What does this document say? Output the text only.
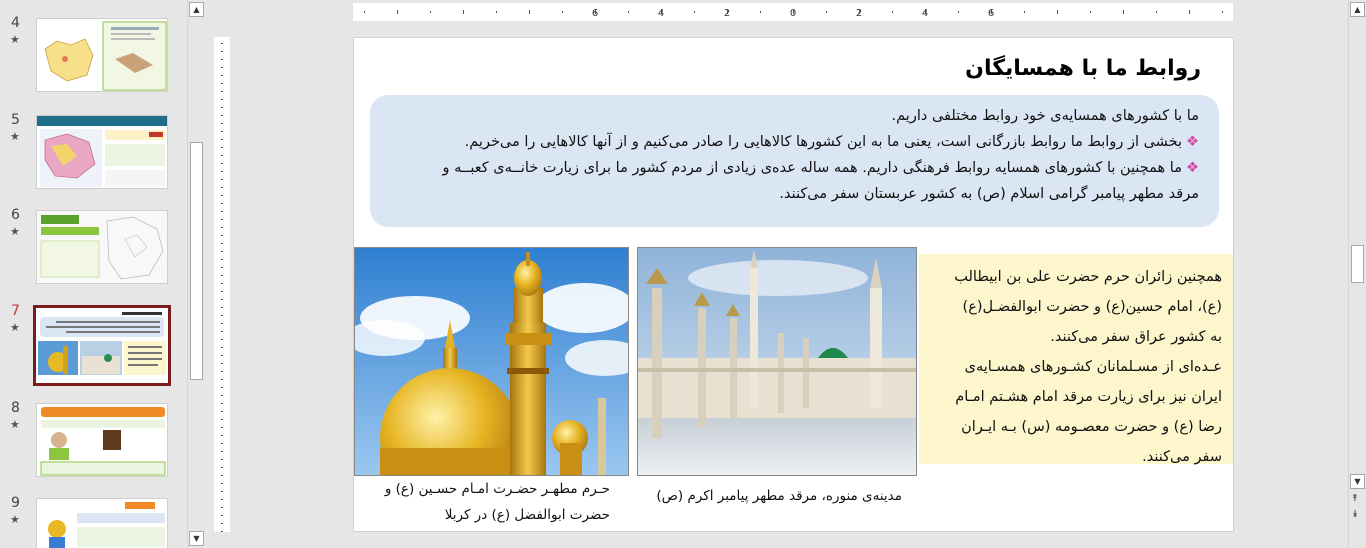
4
★
5
★
6
★
7
★
8
★
9
★
▲
▼
6	4	2	0	2	4	6
روابط ما با همسایگان
ما با کشورهای همسایه‌ی خود روابط مختلفی داریم.
❖بخشی از روابط ما روابط بازرگانی است، یعنی ما به این کشورها کالاهایی را صادر می‌کنیم و از آنها کالاهایی را می‌خریم.
❖ما همچنین با کشورهای همسایه روابط فرهنگی داریم. همه ساله عده‌ی زیادی از مردم کشور ما برای زیارت خانــه‌ی کعبــه و
مرقد مطهر پیامبر گرامی اسلام (ص) به کشور عربستان سفر می‌کنند.
همچنین زائران حرم حضرت علی بن ابیطالب
(ع)، امام حسین(ع) و حضرت ابوالفضـل(ع)
به کشور عراق سفر می‌کنند.
عـده‌ای از مسـلمانان کشـورهای همسـایه‌ی
ایران نیز برای زیارت مرقد امام هشـتم امـام
رضا (ع) و حضرت معصـومه (س) بـه ایـران
سفر می‌کنند.
حـرم مطهـر حضـرت امـام حسـین (ع) و
حضرت ابوالفضل (ع) در کربلا
مدینه‌ی منوره، مرقد مطهر پیامبر اکرم (ص)
▲
▼
⯭
⯯
